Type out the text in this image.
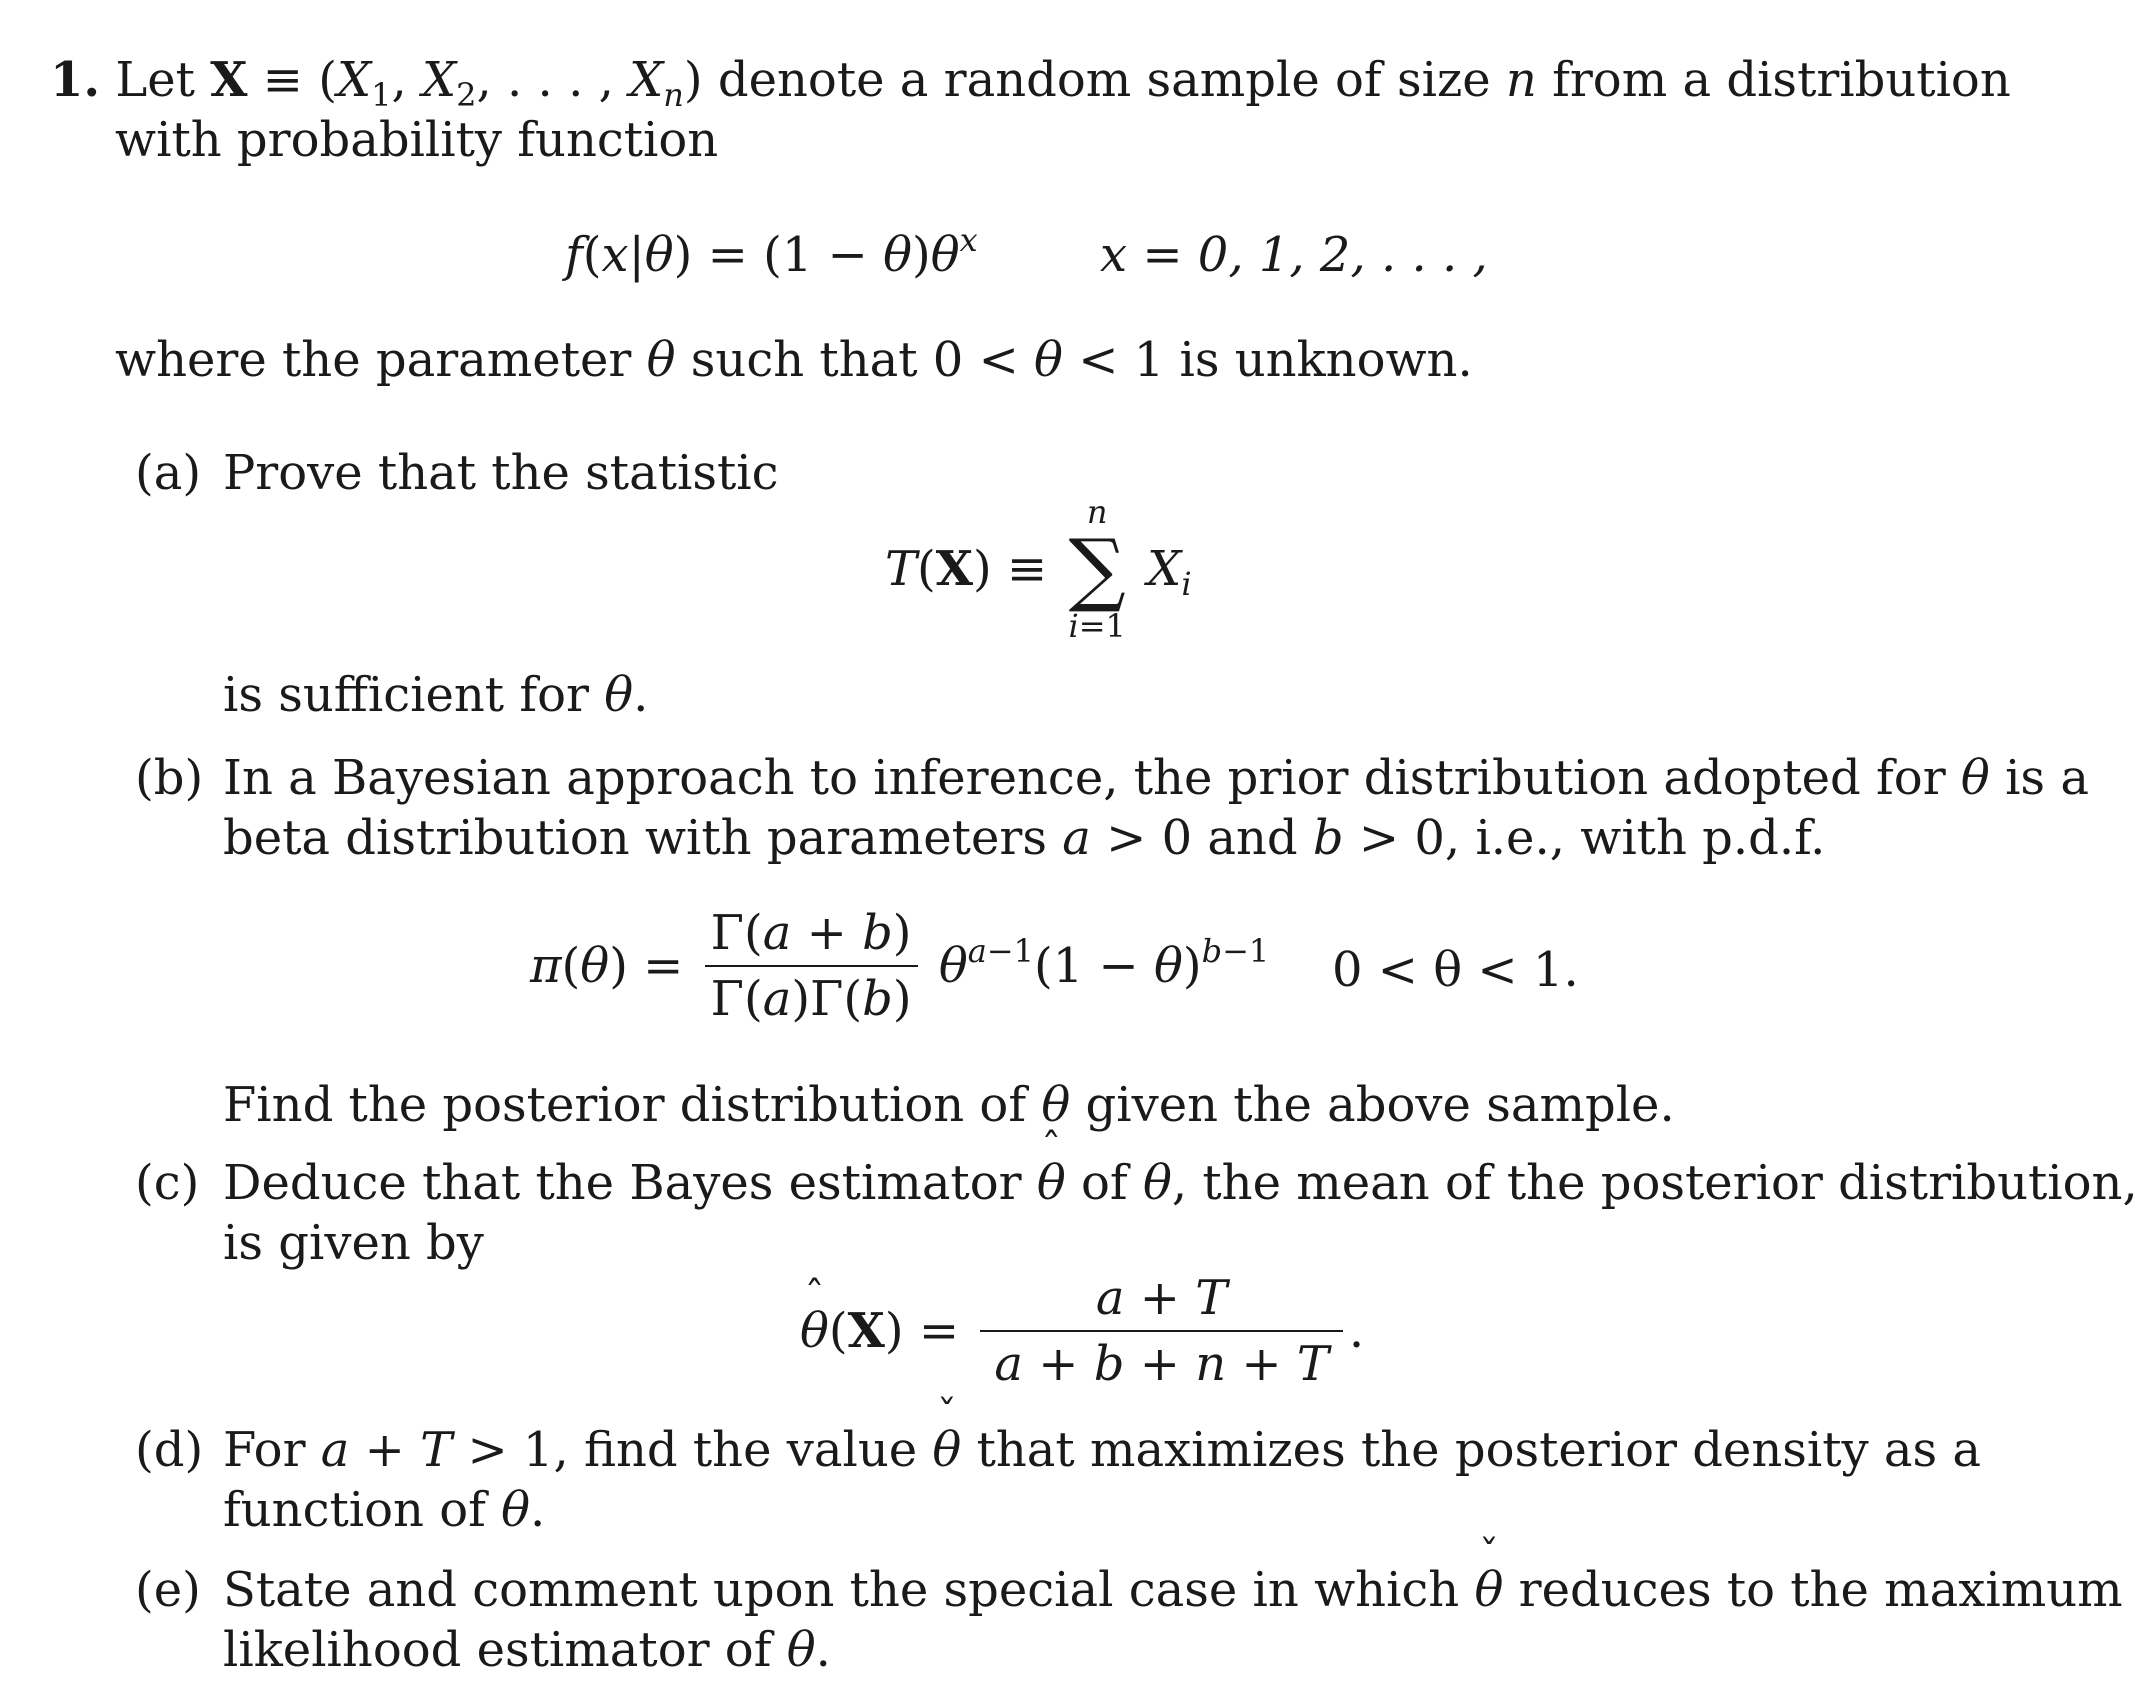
1. Let $X \equiv (X_1$, $X_2$, . . . , $X_n$) denote a random sample of size n from a distribution
with probability function
$f(x|\theta) = (1 - \theta)\theta^x$	x = 0, 1, 2, . . . ,
where the parameter θ such that 0 < θ < 1 is unknown.
(a) Prove that the statistic
T(X) ≡
n
∑
i=1
$X_i$
is sufficient for θ.
(b) In a Bayesian approach to inference, the prior distribution adopted for θ is a
beta distribution with parameters a > 0 and b > 0, i.e., with p.d.f.
$\pi(\theta) = \frac{\Gamma(a + b)}{\Gamma(a)\Gamma(b)} \theta^{a-1}(1 - \theta)^{b-1}$ 0 < θ < 1.
Find the posterior distribution of θ given the above sample.
(c) Deduce that the Bayes estimator ˆ θ of θ, the mean of the posterior distribution,
is given by
ˆ $\theta(X) = \frac{a + T}{a + b + n + T}$ .
(d) For a + T > 1, find the value ˇ θ that maximizes the posterior density as a
function of θ.
(e) State and comment upon the special case in which ˇ θ reduces to the maximum
likelihood estimator of θ.
